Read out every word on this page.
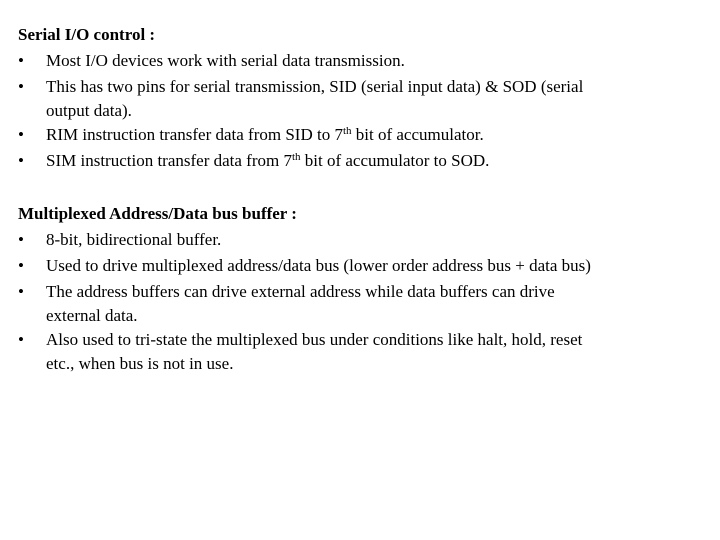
Serial I/O control :
•	Most I/O devices work with serial data transmission.
•	This has two pins for serial transmission, SID (serial input data) & SOD (serial
output data).
•	RIM instruction transfer data from SID to 7th bit of accumulator.
•	SIM instruction transfer data from 7th bit of accumulator to SOD.
Multiplexed Address/Data bus buffer :
•	8-bit, bidirectional buffer.
•	Used to drive multiplexed address/data bus (lower order address bus + data bus)
•	The address buffers can drive external address while data buffers can drive
external data.
•	Also used to tri-state the multiplexed bus under conditions like halt, hold, reset
etc., when bus is not in use.
